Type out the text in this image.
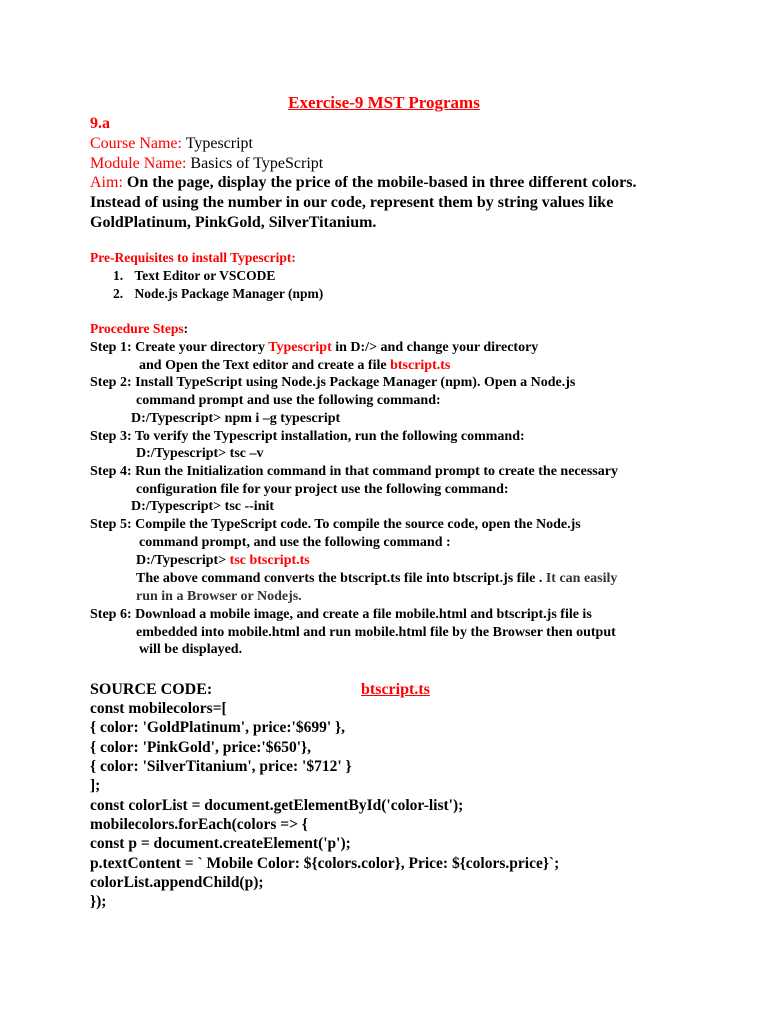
Exercise-9 MST Programs
9.a
Course Name: Typescript
Module Name: Basics of TypeScript
Aim: On the page, display the price of the mobile-based in three different colors.
Instead of using the number in our code, represent them by string values like
GoldPlatinum, PinkGold, SilverTitanium.
Pre-Requisites to install Typescript:
1. Text Editor or VSCODE
2. Node.js Package Manager (npm)
Procedure Steps:
Step 1: Create your directory Typescript in D:/> and change your directory
and Open the Text editor and create a file btscript.ts
Step 2: Install TypeScript using Node.js Package Manager (npm). Open a Node.js
command prompt and use the following command:
D:/Typescript> npm i –g typescript
Step 3: To verify the Typescript installation, run the following command:
D:/Typescript> tsc –v
Step 4: Run the Initialization command in that command prompt to create the necessary
configuration file for your project use the following command:
D:/Typescript> tsc --init
Step 5: Compile the TypeScript code. To compile the source code, open the Node.js
command prompt, and use the following command :
D:/Typescript> tsc btscript.ts
The above command converts the btscript.ts file into btscript.js file . It can easily
run in a Browser or Nodejs.
Step 6: Download a mobile image, and create a file mobile.html and btscript.js file is
embedded into mobile.html and run mobile.html file by the Browser then output
will be displayed.
SOURCE CODE:	btscript.ts
const mobilecolors=[
{ color: 'GoldPlatinum', price:'$699' },
{ color: 'PinkGold', price:'$650'},
{ color: 'SilverTitanium', price: '$712' }
];
const colorList = document.getElementById('color-list');
mobilecolors.forEach(colors => {
const p = document.createElement('p');
p.textContent = ` Mobile Color: ${colors.color}, Price: ${colors.price}`;
colorList.appendChild(p);
});
